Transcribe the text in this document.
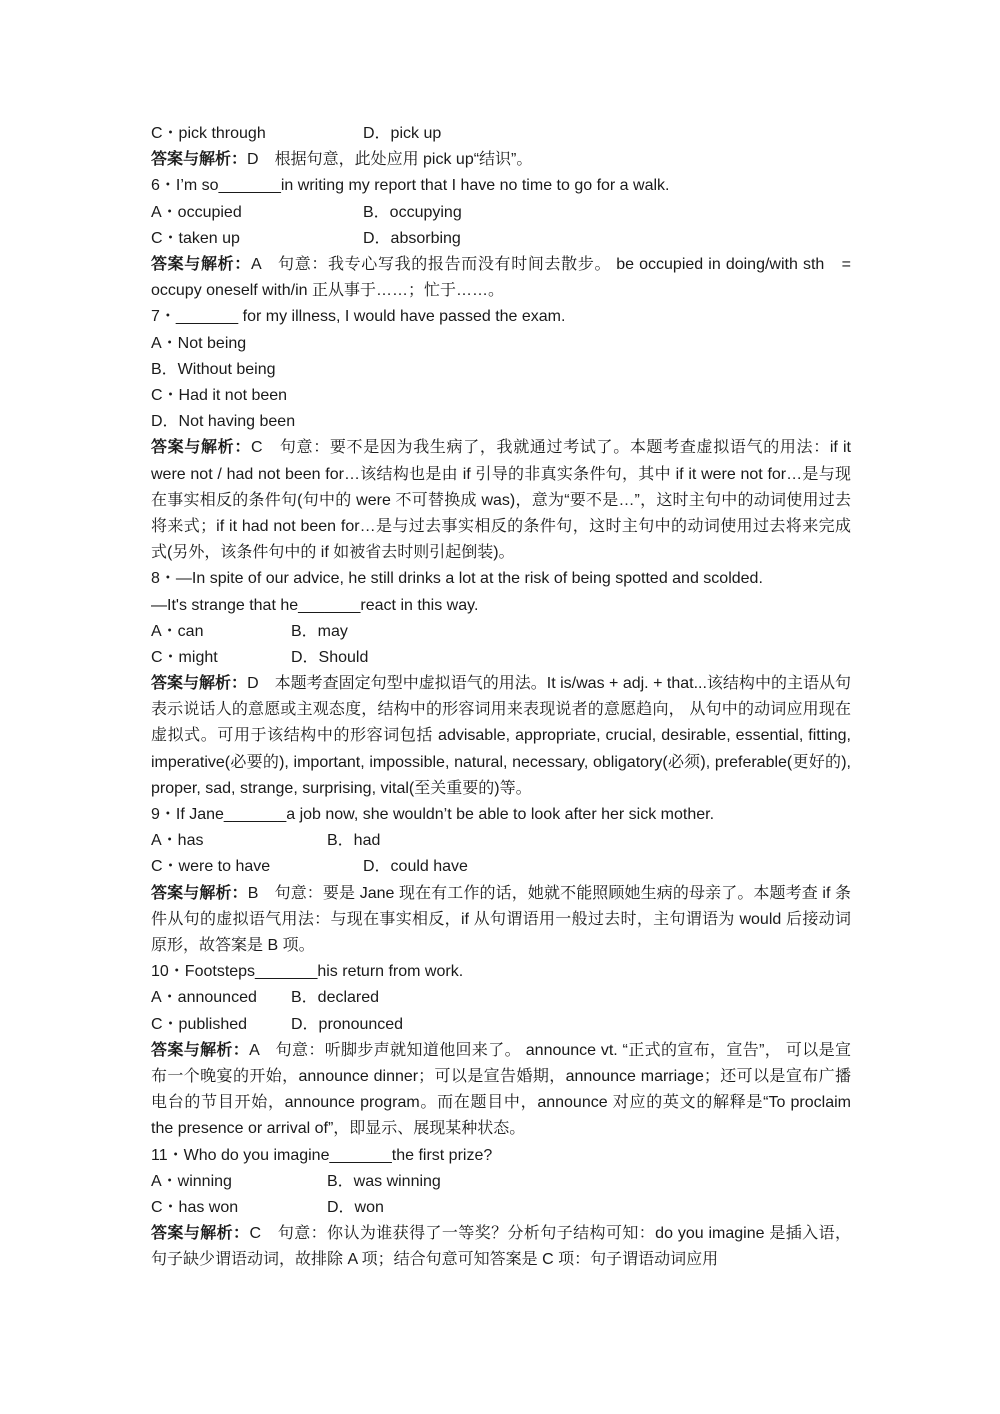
C・pick through	D．pick up
答案与解析：D　根据句意，此处应用 pick up“结识”。
6・I’m so_______in writing my report that I have no time to go for a walk.
A・occupied	B．occupying
C・taken up	D．absorbing
答案与解析：A　句意：我专心写我的报告而没有时间去散步。 be occupied in doing/with sth　=　occupy oneself with/in 正从事于……；忙于……。
7・_______ for my illness, I would have passed the exam.
A・Not being
B．Without being
C・Had it not been
D．Not having been
答案与解析：C　句意：要不是因为我生病了，我就通过考试了。本题考查虚拟语气的用法：if it were not / had not been for…该结构也是由 if 引导的非真实条件句，其中 if it were not for…是与现在事实相反的条件句(句中的 were 不可替换成 was)，意为“要不是…”，这时主句中的动词使用过去将来式；if it had not been for…是与过去事实相反的条件句，这时主句中的动词使用过去将来完成式(另外，该条件句中的 if 如被省去时则引起倒装)。
8・—In spite of our advice, he still drinks a lot at the risk of being spotted and scolded.
—It's strange that he_______react in this way.
A・can	B．may
C・might	D．Should
答案与解析：D　本题考查固定句型中虚拟语气的用法。It is/was + adj. + that...该结构中的主语从句表示说话人的意愿或主观态度，结构中的形容词用来表现说者的意愿趋向， 从句中的动词应用现在虚拟式。可用于该结构中的形容词包括 advisable, appropriate, crucial, desirable, essential, fitting, imperative(必要的), important, impossible, natural, necessary, obligatory(必须), preferable(更好的), proper, sad, strange, surprising, vital(至关重要的)等。
9・If Jane_______a job now, she wouldn’t be able to look after her sick mother.
A・has	B．had
C・were to have	D．could have
答案与解析：B　句意：要是 Jane 现在有工作的话，她就不能照顾她生病的母亲了。本题考查 if 条件从句的虚拟语气用法：与现在事实相反，if 从句谓语用一般过去时，主句谓语为 would 后接动词原形，故答案是 B 项。
10・Footsteps_______his return from work.
A・announced B．declared
C・published	D．pronounced
答案与解析：A　句意：听脚步声就知道他回来了。 announce vt. “正式的宣布，宣告”， 可以是宣布一个晚宴的开始，announce dinner；可以是宣告婚期，announce marriage；还可以是宣布广播电台的节目开始，announce program。而在题目中，announce 对应的英文的解释是“To proclaim the presence or arrival of”，即显示、展现某种状态。
11・Who do you imagine_______the first prize?
A・winning	B．was winning
C・has won	D．won
答案与解析：C　句意：你认为谁获得了一等奖？分析句子结构可知：do you imagine 是插入语，句子缺少谓语动词，故排除 A 项；结合句意可知答案是 C 项：句子谓语动词应用
